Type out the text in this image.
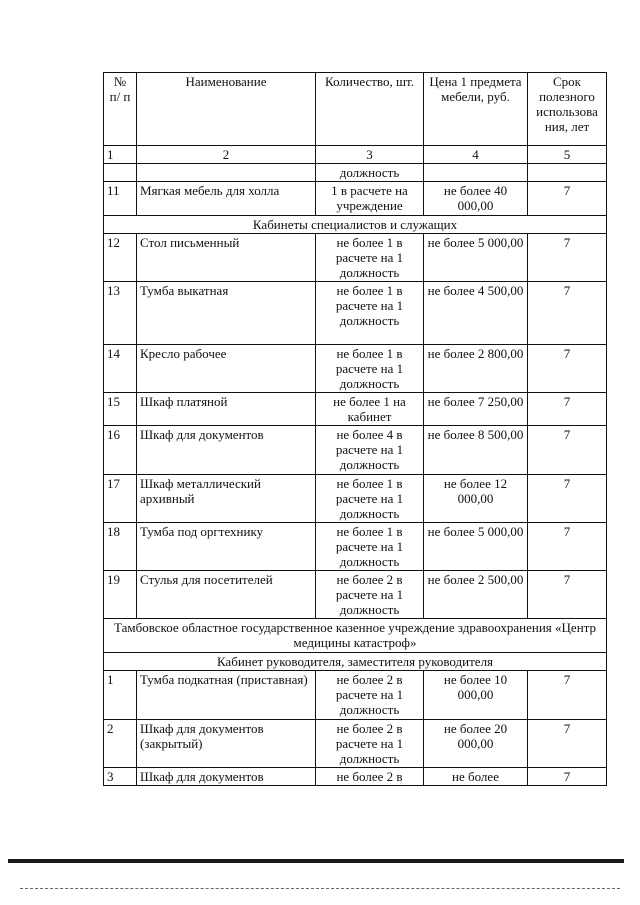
№ п/ п	Наименование	Количество, шт.	Цена 1 предмета мебели, руб.	Срок полезного использова ния, лет
1	2	3	4	5
		должность		
11	Мягкая мебель для холла	1 в расчете на учреждение	не более 40 000,00	7
Кабинеты специалистов и служащих				
12	Стол письменный	не более 1 в расчете на 1 должность	не более 5 000,00	7
13	Тумба выкатная	не более 1 в расчете на 1 должность	не более 4 500,00	7
14	Кресло рабочее	не более 1 в расчете на 1 должность	не более 2 800,00	7
15	Шкаф платяной	не более 1 на кабинет	не более 7 250,00	7
16	Шкаф для документов	не более 4 в расчете на 1 должность	не более 8 500,00	7
17	Шкаф металлический архивный	не более 1 в расчете на 1 должность	не более 12 000,00	7
18	Тумба под оргтехнику	не более 1 в расчете на 1 должность	не более 5 000,00	7
19	Стулья для посетителей	не более 2 в расчете на 1 должность	не более 2 500,00	7
Тамбовское областное государственное казенное учреждение здравоохранения «Центр медицины катастроф»				
Кабинет руководителя, заместителя руководителя				
1	Тумба подкатная (приставная)	не более 2 в расчете на 1 должность	не более 10 000,00	7
2	Шкаф для документов (закрытый)	не более 2 в расчете на 1 должность	не более 20 000,00	7
3	Шкаф для документов	не более 2 в	не более	7
